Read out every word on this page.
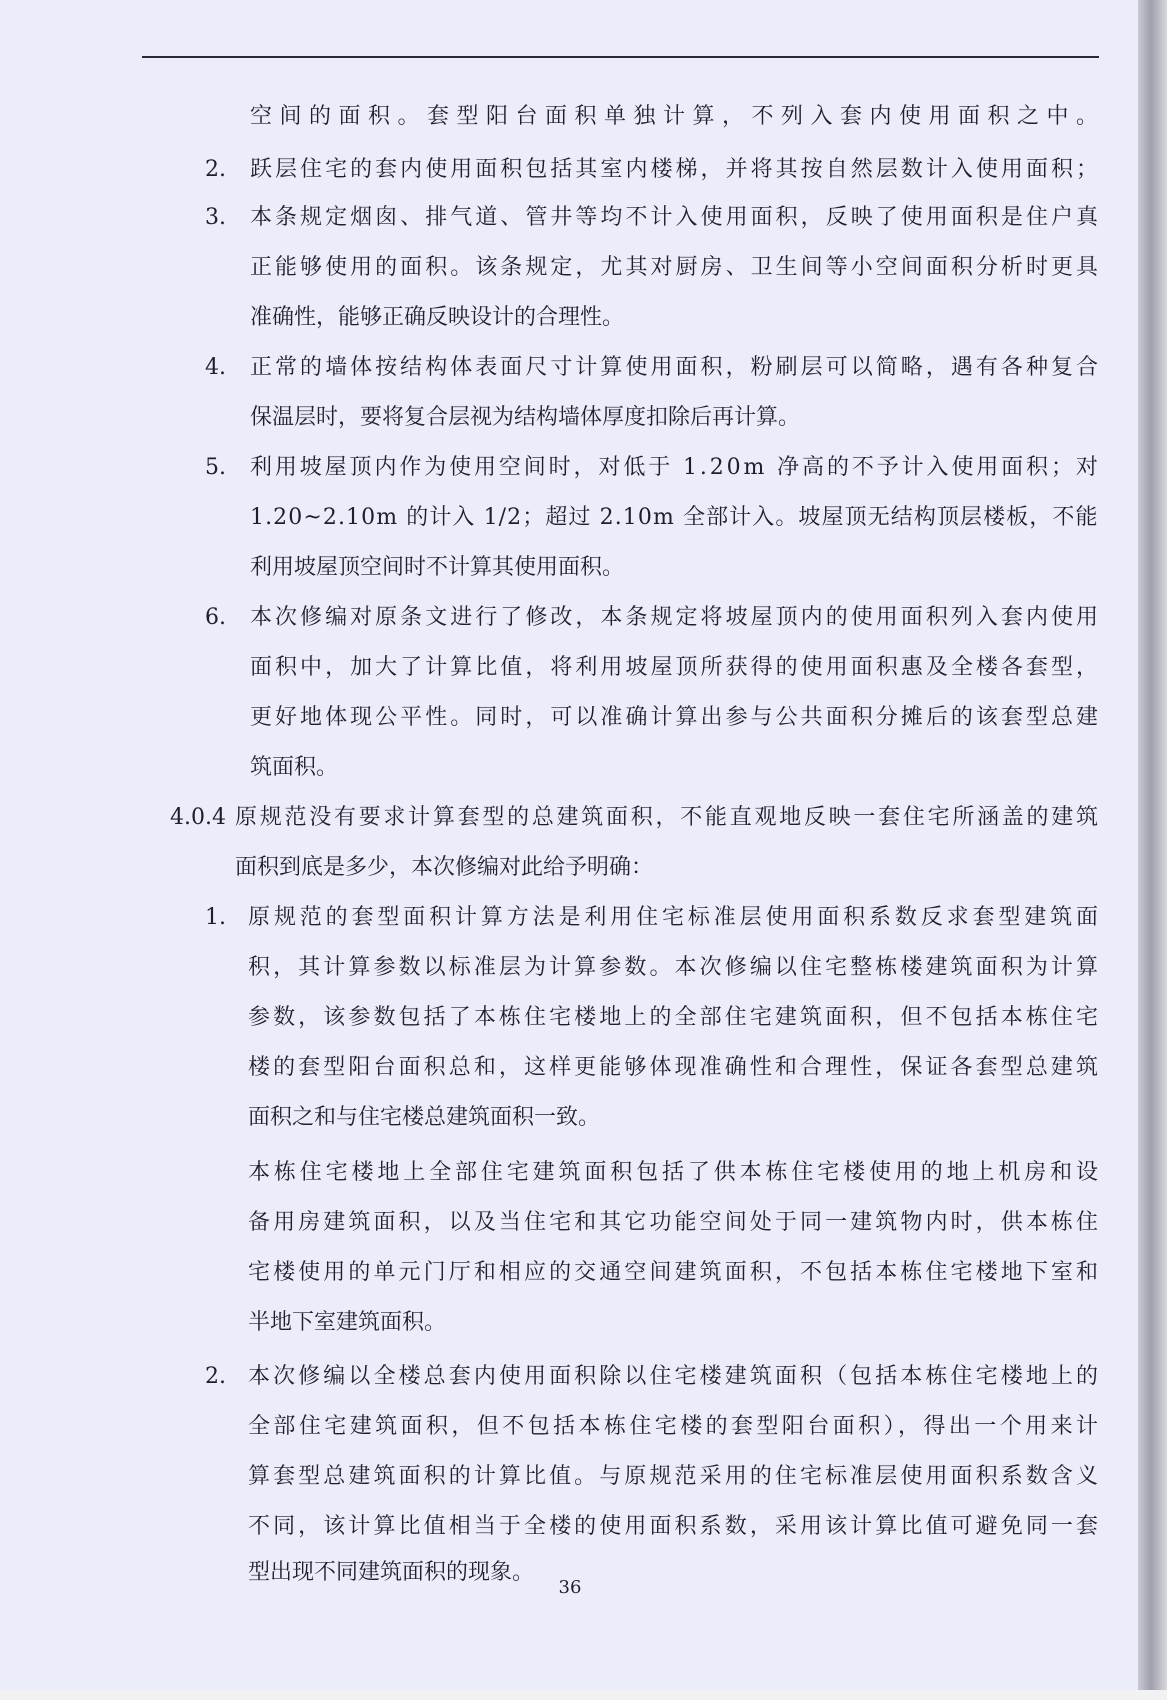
空间的面积。套型阳台面积单独计算，不列入套内使用面积之中。
2. 跃层住宅的套内使用面积包括其室内楼梯，并将其按自然层数计入使用面积；
3. 本条规定烟囱、排气道、管井等均不计入使用面积，反映了使用面积是住户真
正能够使用的面积。该条规定，尤其对厨房、卫生间等小空间面积分析时更具
准确性，能够正确反映设计的合理性。
4. 正常的墙体按结构体表面尺寸计算使用面积，粉刷层可以简略，遇有各种复合
保温层时，要将复合层视为结构墙体厚度扣除后再计算。
5. 利用坡屋顶内作为使用空间时，对低于 1.20m 净高的不予计入使用面积；对
1.20~2.10m 的计入 1/2；超过 2.10m 全部计入。坡屋顶无结构顶层楼板，不能
利用坡屋顶空间时不计算其使用面积。
6. 本次修编对原条文进行了修改，本条规定将坡屋顶内的使用面积列入套内使用
面积中，加大了计算比值，将利用坡屋顶所获得的使用面积惠及全楼各套型，
更好地体现公平性。同时，可以准确计算出参与公共面积分摊后的该套型总建
筑面积。
4.0.4 原规范没有要求计算套型的总建筑面积，不能直观地反映一套住宅所涵盖的建筑
面积到底是多少，本次修编对此给予明确：
1. 原规范的套型面积计算方法是利用住宅标准层使用面积系数反求套型建筑面
积，其计算参数以标准层为计算参数。本次修编以住宅整栋楼建筑面积为计算
参数，该参数包括了本栋住宅楼地上的全部住宅建筑面积，但不包括本栋住宅
楼的套型阳台面积总和，这样更能够体现准确性和合理性，保证各套型总建筑
面积之和与住宅楼总建筑面积一致。
本栋住宅楼地上全部住宅建筑面积包括了供本栋住宅楼使用的地上机房和设
备用房建筑面积，以及当住宅和其它功能空间处于同一建筑物内时，供本栋住
宅楼使用的单元门厅和相应的交通空间建筑面积，不包括本栋住宅楼地下室和
半地下室建筑面积。
2. 本次修编以全楼总套内使用面积除以住宅楼建筑面积（包括本栋住宅楼地上的
全部住宅建筑面积，但不包括本栋住宅楼的套型阳台面积），得出一个用来计
算套型总建筑面积的计算比值。与原规范采用的住宅标准层使用面积系数含义
不同，该计算比值相当于全楼的使用面积系数，采用该计算比值可避免同一套
型出现不同建筑面积的现象。
36
